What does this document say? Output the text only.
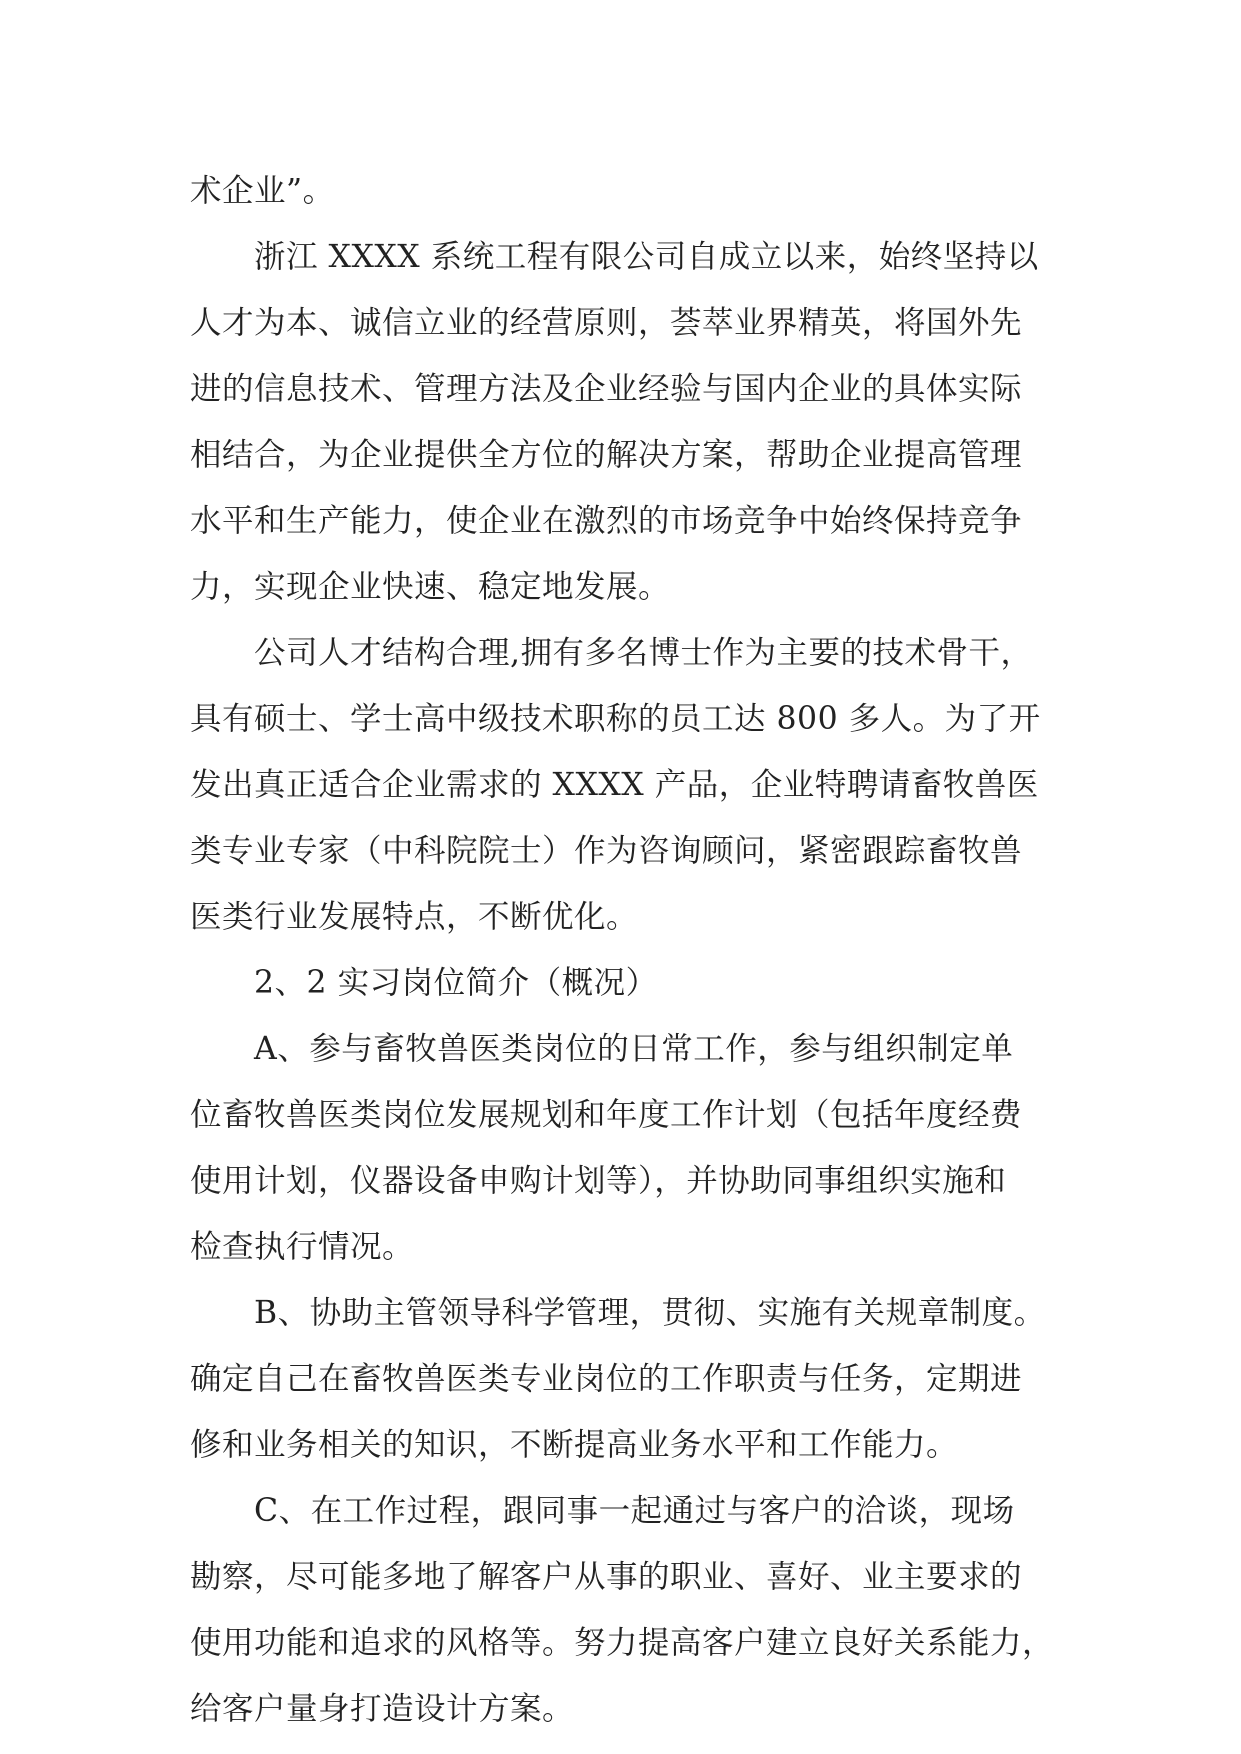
术企业”。
浙江 XXXX 系统工程有限公司自成立以来，始终坚持以
人才为本、诚信立业的经营原则，荟萃业界精英，将国外先
进的信息技术、管理方法及企业经验与国内企业的具体实际
相结合，为企业提供全方位的解决方案，帮助企业提高管理
水平和生产能力，使企业在激烈的市场竞争中始终保持竞争
力，实现企业快速、稳定地发展。
公司人才结构合理,拥有多名博士作为主要的技术骨干，
具有硕士、学士高中级技术职称的员工达 800 多人。为了开
发出真正适合企业需求的 XXXX 产品，企业特聘请畜牧兽医
类专业专家（中科院院士）作为咨询顾问，紧密跟踪畜牧兽
医类行业发展特点，不断优化。
2、2 实习岗位简介（概况）
A、参与畜牧兽医类岗位的日常工作，参与组织制定单
位畜牧兽医类岗位发展规划和年度工作计划（包括年度经费
使用计划，仪器设备申购计划等），并协助同事组织实施和
检查执行情况。
B、协助主管领导科学管理，贯彻、实施有关规章制度。
确定自己在畜牧兽医类专业岗位的工作职责与任务，定期进
修和业务相关的知识，不断提高业务水平和工作能力。
C、在工作过程，跟同事一起通过与客户的洽谈，现场
勘察，尽可能多地了解客户从事的职业、喜好、业主要求的
使用功能和追求的风格等。努力提高客户建立良好关系能力，
给客户量身打造设计方案。
